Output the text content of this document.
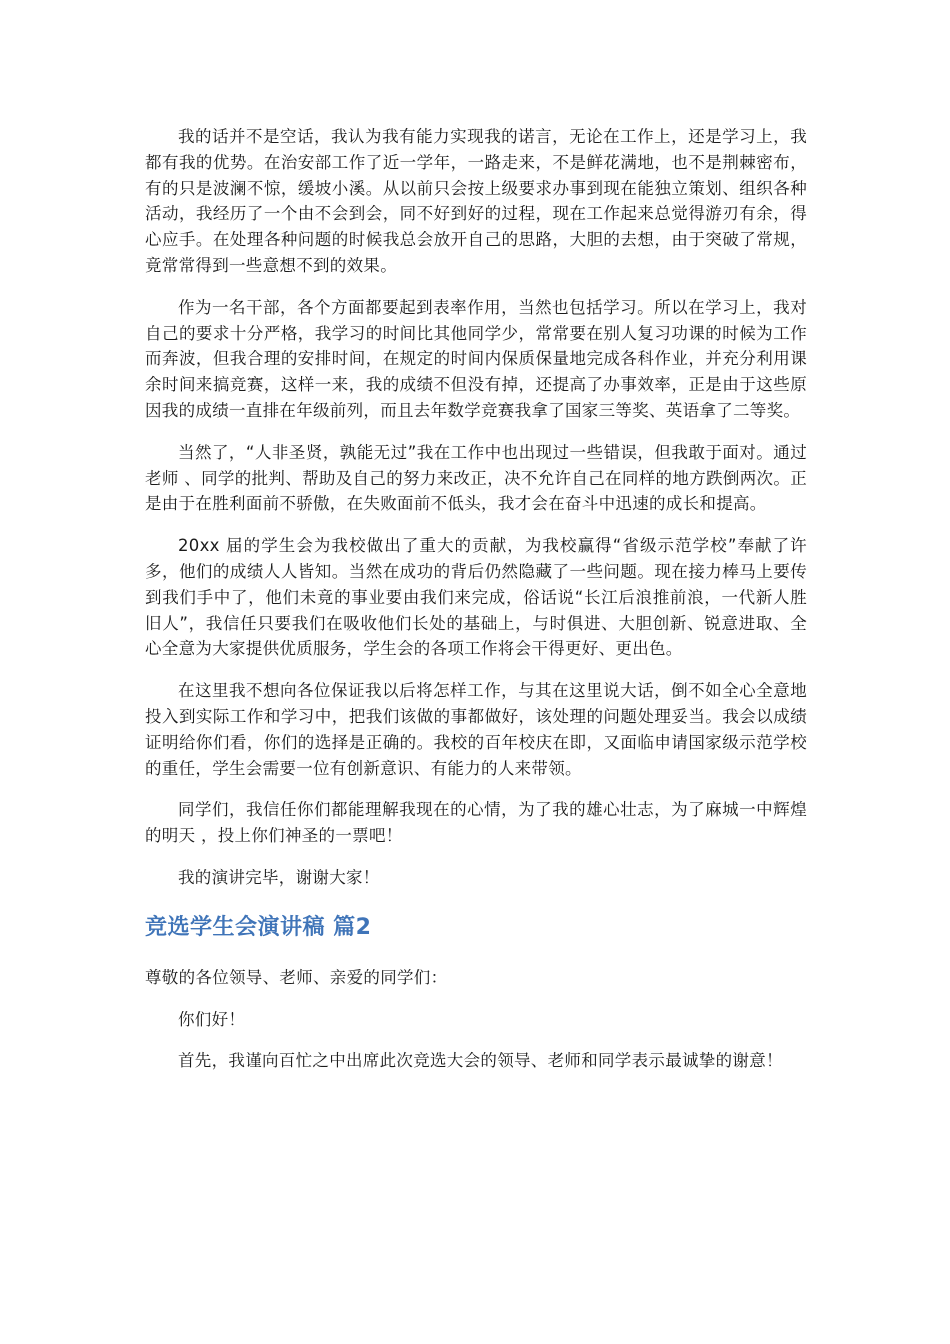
我的话并不是空话，我认为我有能力实现我的诺言，无论在工作上，还是学习上，我都有我的优势。在治安部工作了近一学年，一路走来，不是鲜花满地，也不是荆棘密布，有的只是波澜不惊，缓坡小溪。从以前只会按上级要求办事到现在能独立策划、组织各种活动，我经历了一个由不会到会，同不好到好的过程，现在工作起来总觉得游刃有余，得心应手。在处理各种问题的时候我总会放开自己的思路，大胆的去想，由于突破了常规，竟常常得到一些意想不到的效果。

作为一名干部，各个方面都要起到表率作用，当然也包括学习。所以在学习上，我对自己的要求十分严格，我学习的时间比其他同学少，常常要在别人复习功课的时候为工作而奔波，但我合理的安排时间，在规定的时间内保质保量地完成各科作业，并充分利用课余时间来搞竞赛，这样一来，我的成绩不但没有掉，还提高了办事效率，正是由于这些原因我的成绩一直排在年级前列，而且去年数学竞赛我拿了国家三等奖、英语拿了二等奖。

当然了，“人非圣贤，孰能无过”我在工作中也出现过一些错误，但我敢于面对。通过老师 、同学的批判、帮助及自己的努力来改正，决不允许自己在同样的地方跌倒两次。正是由于在胜利面前不骄傲，在失败面前不低头，我才会在奋斗中迅速的成长和提高。

20xx 届的学生会为我校做出了重大的贡献，为我校赢得“省级示范学校”奉献了许多，他们的成绩人人皆知。当然在成功的背后仍然隐藏了一些问题。现在接力棒马上要传到我们手中了，他们未竟的事业要由我们来完成，俗话说“长江后浪推前浪，一代新人胜旧人”，我信任只要我们在吸收他们长处的基础上，与时俱进、大胆创新、锐意进取、全心全意为大家提供优质服务，学生会的各项工作将会干得更好、更出色。

在这里我不想向各位保证我以后将怎样工作，与其在这里说大话，倒不如全心全意地投入到实际工作和学习中，把我们该做的事都做好，该处理的问题处理妥当。我会以成绩证明给你们看，你们的选择是正确的。我校的百年校庆在即，又面临申请国家级示范学校的重任，学生会需要一位有创新意识、有能力的人来带领。

同学们，我信任你们都能理解我现在的心情，为了我的雄心壮志，为了麻城一中辉煌的明天 ，投上你们神圣的一票吧！

我的演讲完毕，谢谢大家！

竞选学生会演讲稿 篇2

尊敬的各位领导、老师、亲爱的同学们：

你们好！

首先，我谨向百忙之中出席此次竞选大会的领导、老师和同学表示最诚挚的谢意！
